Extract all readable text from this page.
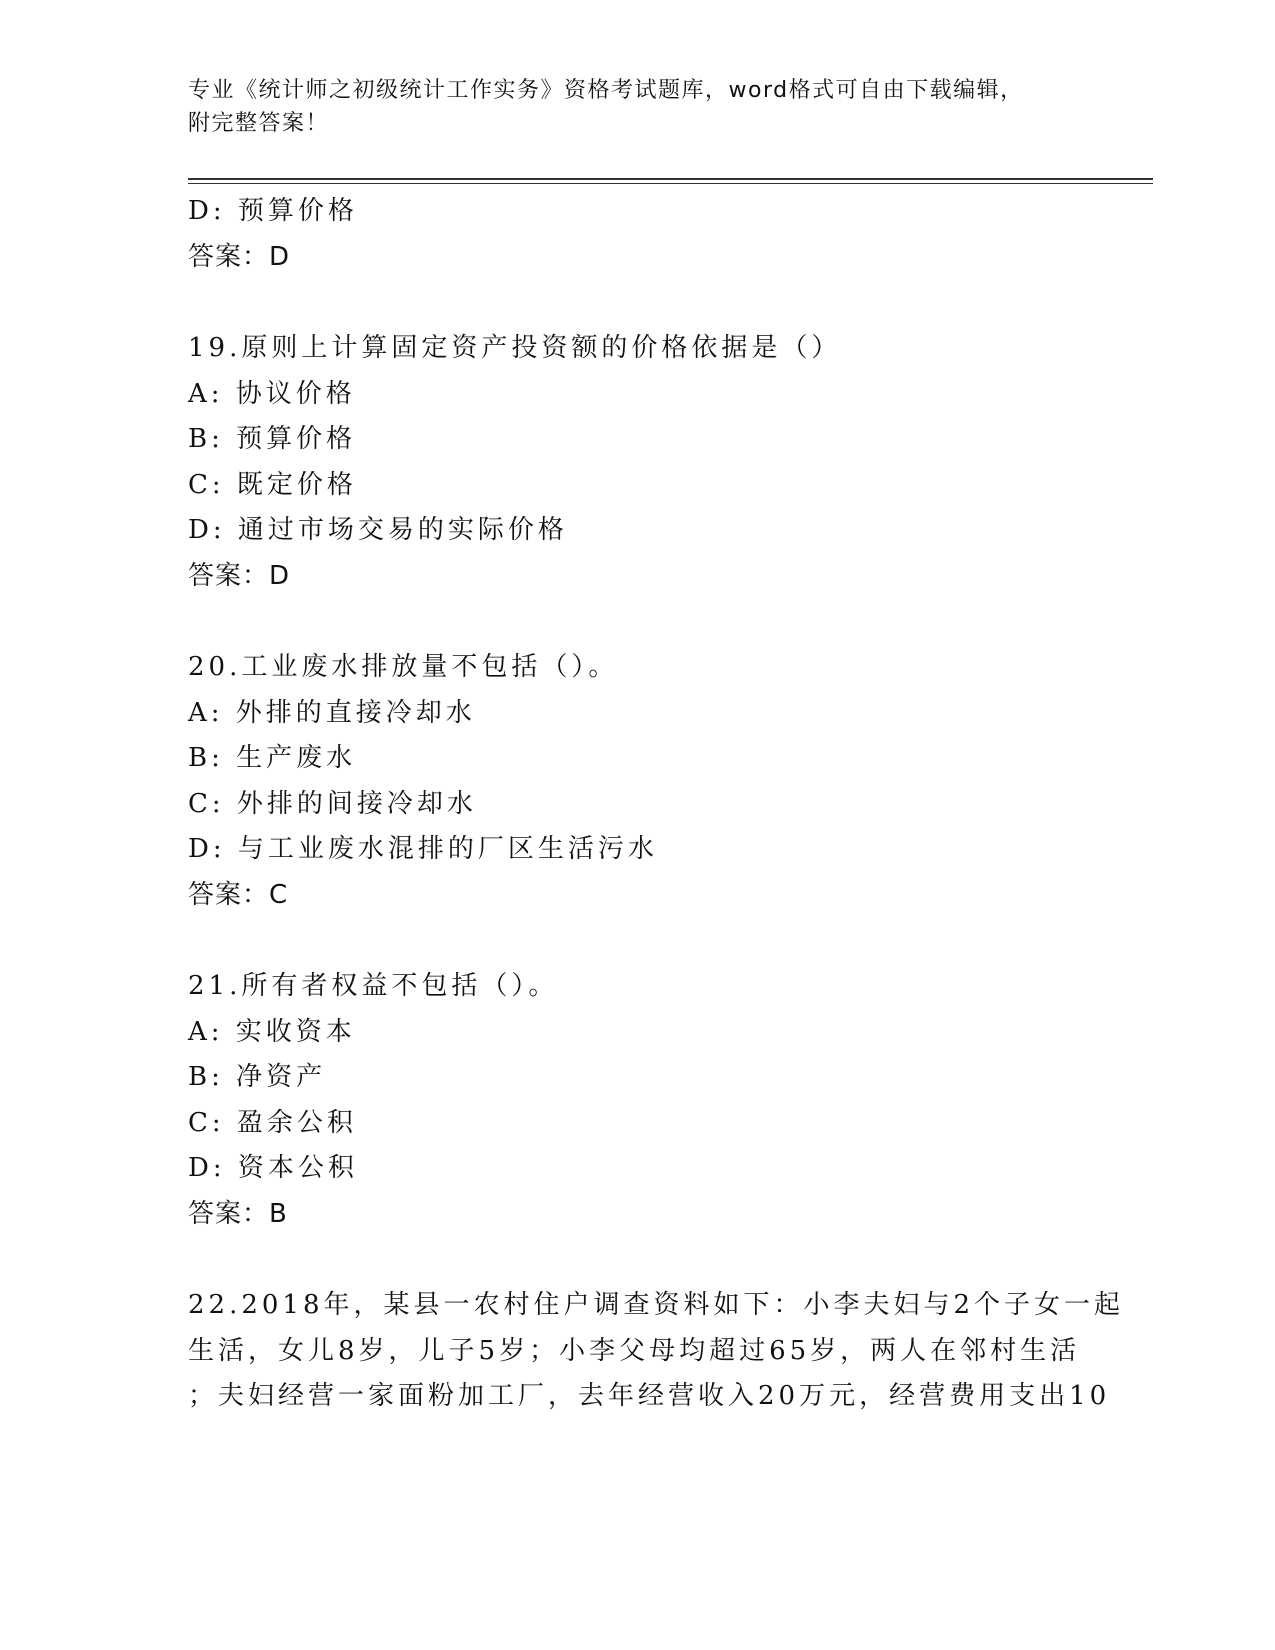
专业《统计师之初级统计工作实务》资格考试题库，word格式可自由下载编辑，
附完整答案！
D: 预算价格
答案：D
19.原则上计算固定资产投资额的价格依据是（）
A: 协议价格
B: 预算价格
C: 既定价格
D: 通过市场交易的实际价格
答案：D
20.工业废水排放量不包括（）。
A: 外排的直接冷却水
B: 生产废水
C: 外排的间接冷却水
D: 与工业废水混排的厂区生活污水
答案：C
21.所有者权益不包括（）。
A: 实收资本
B: 净资产
C: 盈余公积
D: 资本公积
答案：B
22.2018年，某县一农村住户调查资料如下：小李夫妇与2个子女一起
生活，女儿8岁，儿子5岁；小李父母均超过65岁，两人在邻村生活
；夫妇经营一家面粉加工厂，去年经营收入20万元，经营费用支出10
